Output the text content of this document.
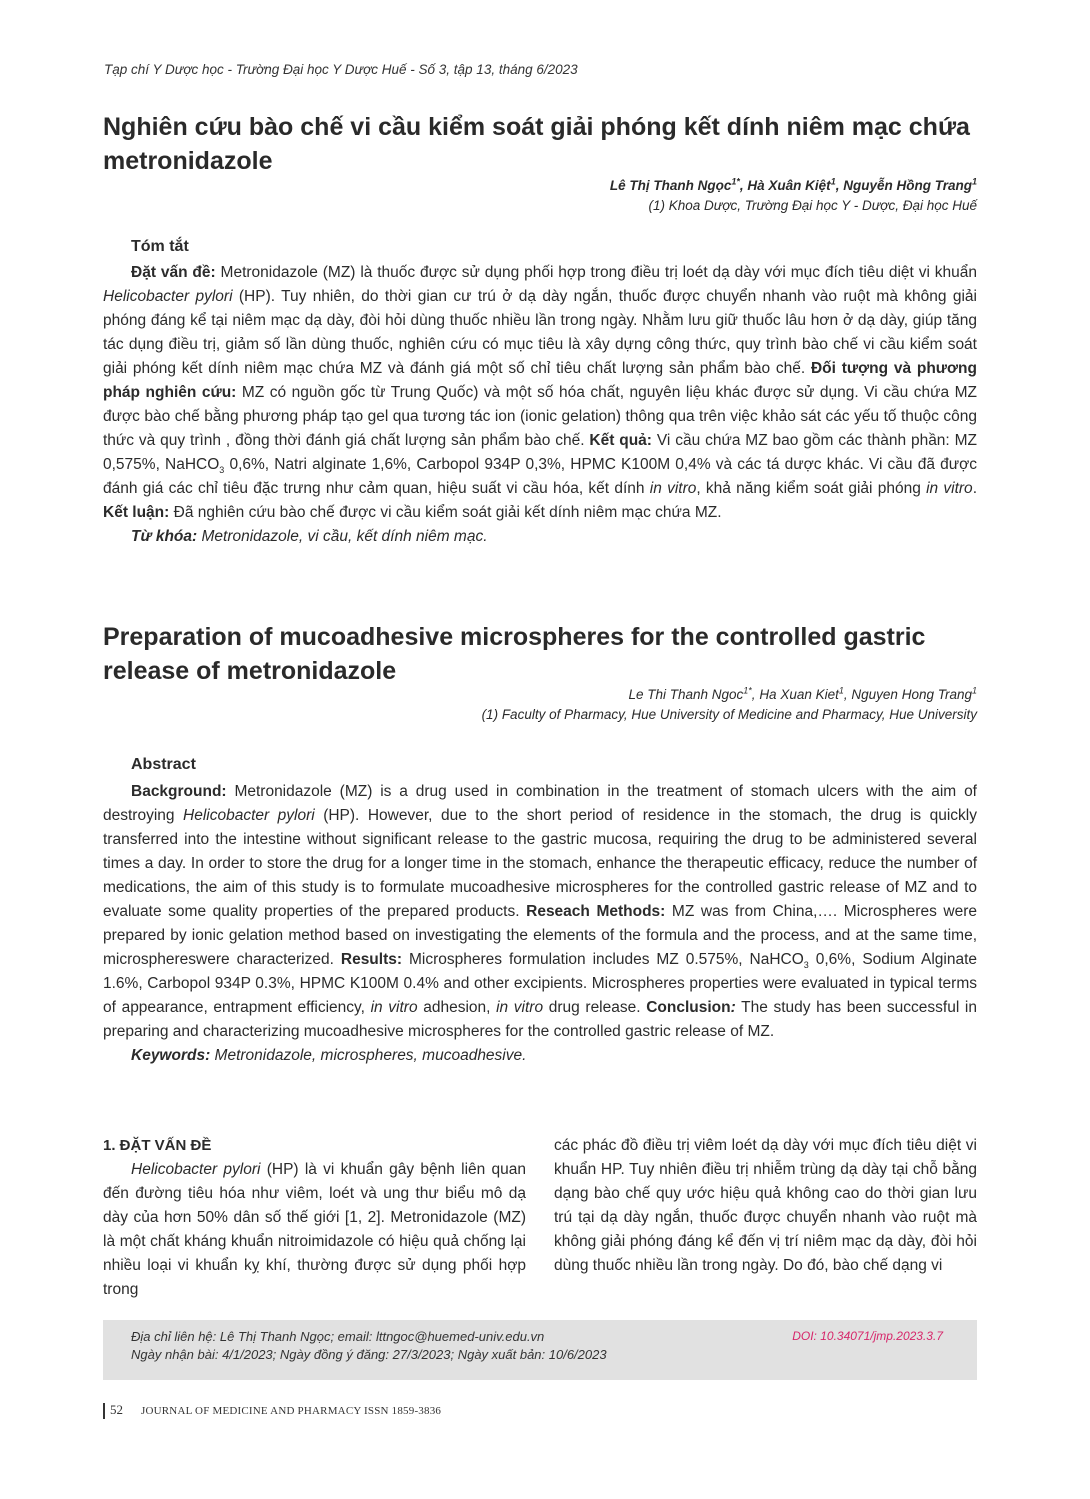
Tạp chí Y Dược học - Trường Đại học Y Dược Huế - Số 3, tập 13, tháng 6/2023
Nghiên cứu bào chế vi cầu kiểm soát giải phóng kết dính niêm mạc chứa metronidazole
Lê Thị Thanh Ngọc$^{1*}$, Hà Xuân Kiệt$^1$, Nguyễn Hồng Trang$^1$
(1) Khoa Dược, Trường Đại học Y - Dược, Đại học Huế
Tóm tắt

Đặt vấn đề: Metronidazole (MZ) là thuốc được sử dụng phối hợp trong điều trị loét dạ dày với mục đích tiêu diệt vi khuẩn Helicobacter pylori (HP). Tuy nhiên, do thời gian cư trú ở dạ dày ngắn, thuốc được chuyển nhanh vào ruột mà không giải phóng đáng kể tại niêm mạc dạ dày, đòi hỏi dùng thuốc nhiều lần trong ngày. Nhằm lưu giữ thuốc lâu hơn ở dạ dày, giúp tăng tác dụng điều trị, giảm số lần dùng thuốc, nghiên cứu có mục tiêu là xây dựng công thức, quy trình bào chế vi cầu kiểm soát giải phóng kết dính niêm mạc chứa MZ và đánh giá một số chỉ tiêu chất lượng sản phẩm bào chế. Đối tượng và phương pháp nghiên cứu: MZ có nguồn gốc từ Trung Quốc) và một số hóa chất, nguyên liệu khác được sử dụng. Vi cầu chứa MZ được bào chế bằng phương pháp tạo gel qua tương tác ion (ionic gelation) thông qua trên việc khảo sát các yếu tố thuộc công thức và quy trình , đồng thời đánh giá chất lượng sản phẩm bào chế. Kết quả: Vi cầu chứa MZ bao gồm các thành phần: MZ 0,575%, NaHCO$_3$ 0,6%, Natri alginate 1,6%, Carbopol 934P 0,3%, HPMC K100M 0,4% và các tá dược khác. Vi cầu đã được đánh giá các chỉ tiêu đặc trưng như cảm quan, hiệu suất vi cầu hóa, kết dính in vitro, khả năng kiểm soát giải phóng in vitro. Kết luận: Đã nghiên cứu bào chế được vi cầu kiểm soát giải kết dính niêm mạc chứa MZ.

Từ khóa: Metronidazole, vi cầu, kết dính niêm mạc.

Preparation of mucoadhesive microspheres for the controlled gastric release of metronidazole
Le Thi Thanh Ngoc$^{1*}$, Ha Xuan Kiet$^1$, Nguyen Hong Trang$^1$
(1) Faculty of Pharmacy, Hue University of Medicine and Pharmacy, Hue University
Abstract

Background: Metronidazole (MZ) is a drug used in combination in the treatment of stomach ulcers with the aim of destroying Helicobacter pylori (HP). However, due to the short period of residence in the stomach, the drug is quickly transferred into the intestine without significant release to the gastric mucosa, requiring the drug to be administered several times a day. In order to store the drug for a longer time in the stomach, enhance the therapeutic efficacy, reduce the number of medications, the aim of this study is to formulate mucoadhesive microspheres for the controlled gastric release of MZ and to evaluate some quality properties of the prepared products. Reseach Methods: MZ was from China,…. Microspheres were prepared by ionic gelation method based on investigating the elements of the formula and the process, and at the same time, microsphereswere characterized. Results: Microspheres formulation includes MZ 0.575%, NaHCO$_3$ 0,6%, Sodium Alginate 1.6%, Carbopol 934P 0.3%, HPMC K100M 0.4% and other excipients. Microspheres properties were evaluated in typical terms of appearance, entrapment efficiency, in vitro adhesion, in vitro drug release. Conclusion: The study has been successful in preparing and characterizing mucoadhesive microspheres for the controlled gastric release of MZ.

Keywords: Metronidazole, microspheres, mucoadhesive.

1. ĐẶT VẤN ĐỀ

Helicobacter pylori (HP) là vi khuẩn gây bệnh liên quan đến đường tiêu hóa như viêm, loét và ung thư biểu mô dạ dày của hơn 50% dân số thế giới [1, 2]. Metronidazole (MZ) là một chất kháng khuẩn nitroimidazole có hiệu quả chống lại nhiều loại vi khuẩn kỵ khí, thường được sử dụng phối hợp trong

các phác đồ điều trị viêm loét dạ dày với mục đích tiêu diệt vi khuẩn HP. Tuy nhiên điều trị nhiễm trùng dạ dày tại chỗ bằng dạng bào chế quy ước hiệu quả không cao do thời gian lưu trú tại dạ dày ngắn, thuốc được chuyển nhanh vào ruột mà không giải phóng đáng kể đến vị trí niêm mạc dạ dày, đòi hỏi dùng thuốc nhiều lần trong ngày. Do đó, bào chế dạng vi

Địa chỉ liên hệ: Lê Thị Thanh Ngọc; email: lttngoc@huemed-univ.edu.vn
Ngày nhận bài: 4/1/2023; Ngày đồng ý đăng: 27/3/2023; Ngày xuất bản: 10/6/2023
DOI: 10.34071/jmp.2023.3.7
52 JOURNAL OF MEDICINE AND PHARMACY ISSN 1859-3836
